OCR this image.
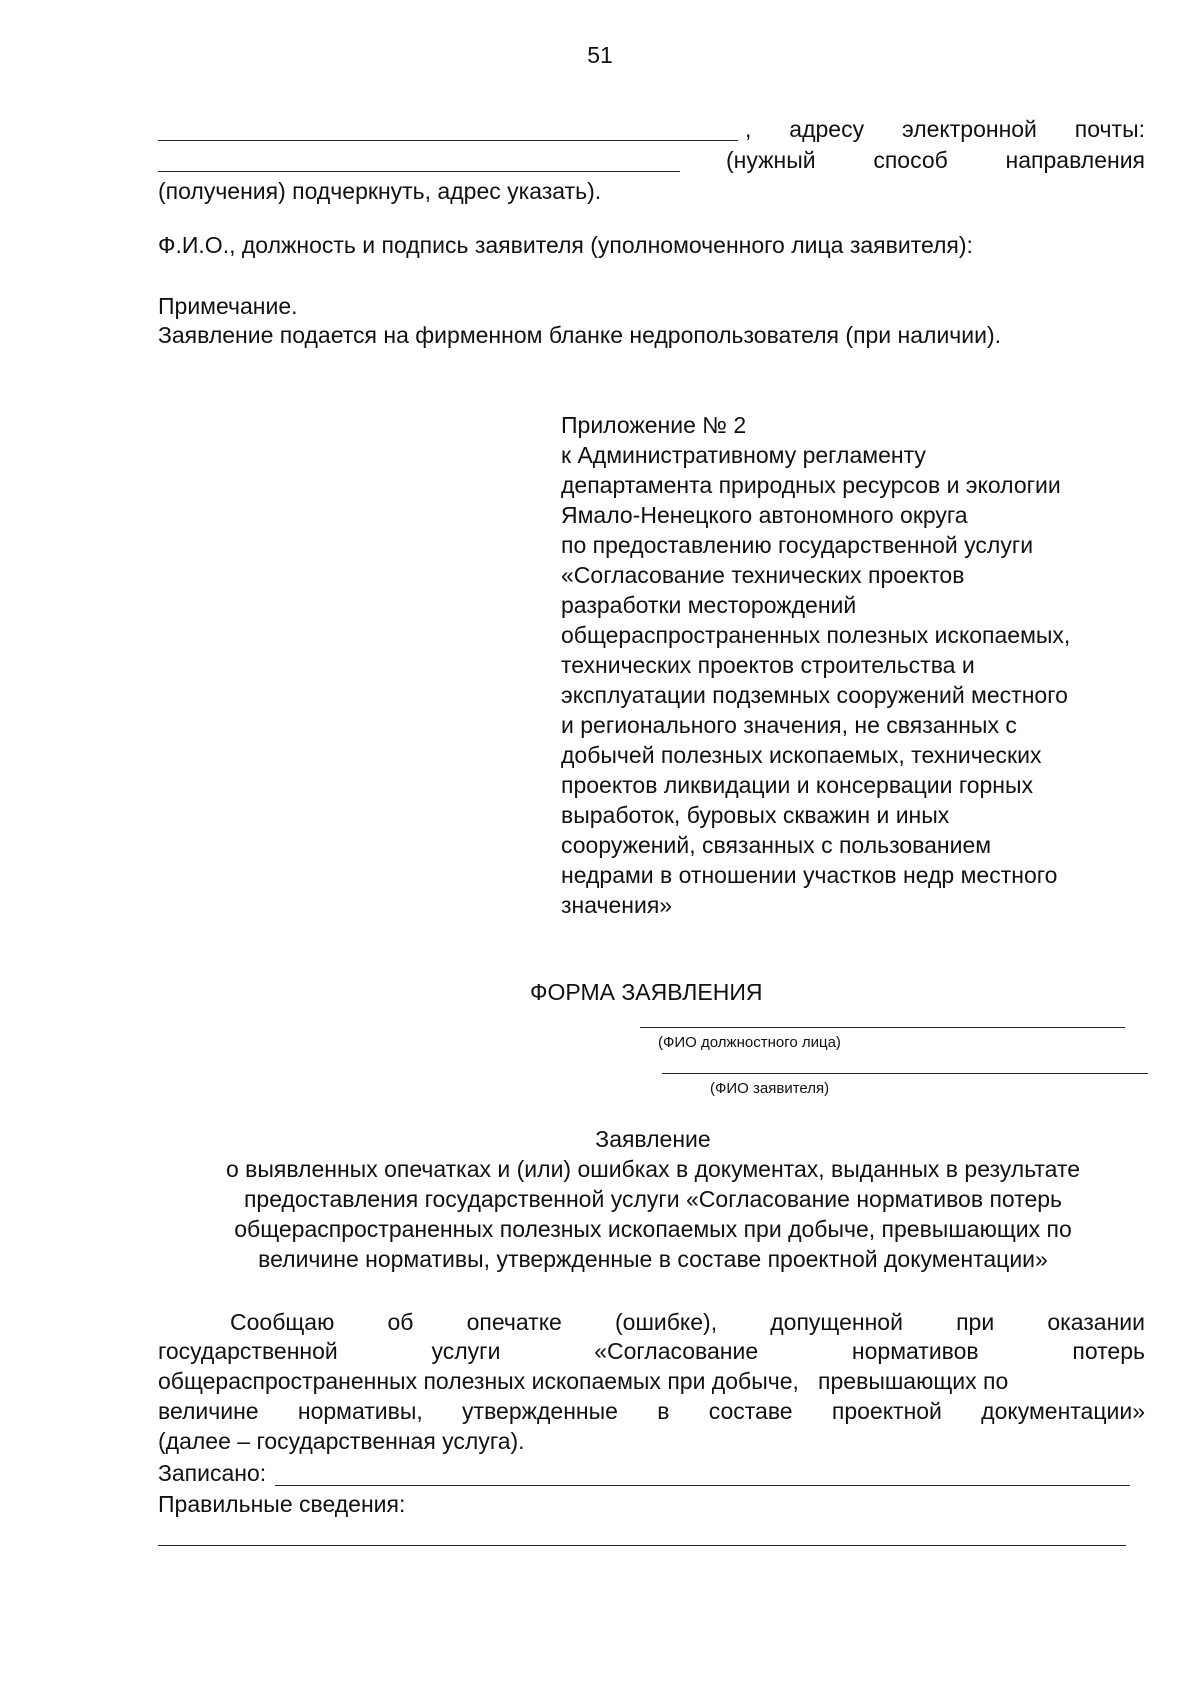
51
, адресу электронной почты:
(нужный способ направления
(получения) подчеркнуть, адрес указать).
Ф.И.О., должность и подпись заявителя (уполномоченного лица заявителя):
Примечание.
Заявление подается на фирменном бланке недропользователя (при наличии).
Приложение № 2
к Административному регламенту
департамента природных ресурсов и экологии
Ямало-Ненецкого автономного округа
по предоставлению государственной услуги
«Согласование технических проектов
разработки месторождений
общераспространенных полезных ископаемых,
технических проектов строительства и
эксплуатации подземных сооружений местного
и регионального значения, не связанных с
добычей полезных ископаемых, технических
проектов ликвидации и консервации горных
выработок, буровых скважин и иных
сооружений, связанных с пользованием
недрами в отношении участков недр местного
значения»
ФОРМА ЗАЯВЛЕНИЯ
(ФИО должностного лица)
(ФИО заявителя)
Заявление
о выявленных опечатках и (или) ошибках в документах, выданных в результате
предоставления государственной услуги «Согласование нормативов потерь
общераспространенных полезных ископаемых при добыче, превышающих по
величине нормативы, утвержденные в составе проектной документации»
Сообщаю об опечатке (ошибке), допущенной при оказании
государственной услуги «Согласование нормативов потерь
общераспространенных полезных ископаемых при добыче,   превышающих по
величине нормативы, утвержденные в составе проектной документации»
(далее – государственная услуга).
Записано:
Правильные сведения:
